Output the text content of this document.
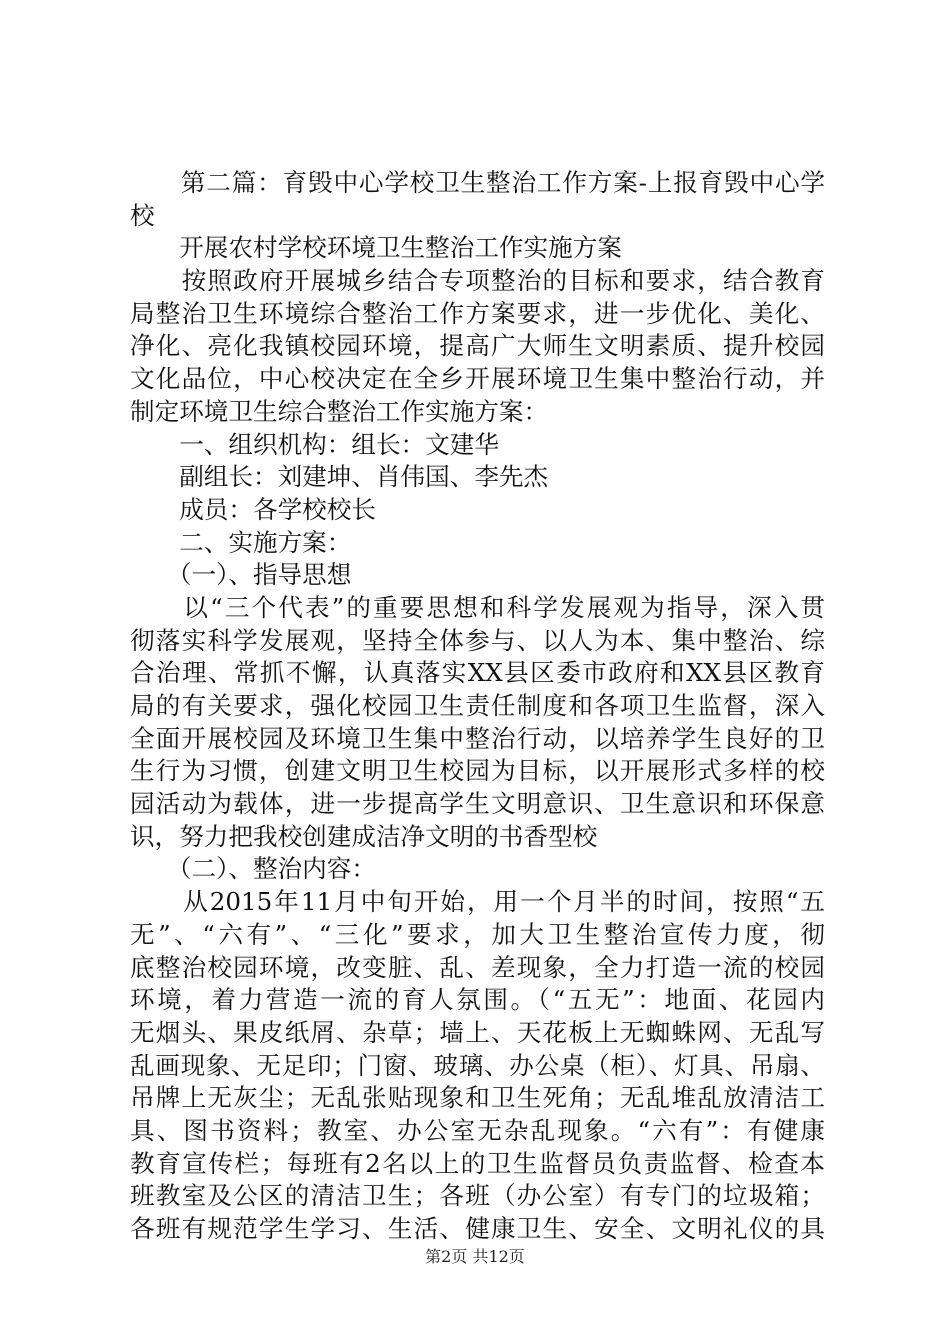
　　第二篇：育毁中心学校卫生整治工作方案-上报育毁中心学
校
　　开展农村学校环境卫生整治工作实施方案
　　按照政府开展城乡结合专项整治的目标和要求，结合教育
局整治卫生环境综合整治工作方案要求，进一步优化、美化、
净化、亮化我镇校园环境，提高广大师生文明素质、提升校园
文化品位，中心校决定在全乡开展环境卫生集中整治行动，并
制定环境卫生综合整治工作实施方案：
　　一、组织机构：组长：文建华
　　副组长：刘建坤、肖伟国、李先杰
　　成员：各学校校长
　　二、实施方案：
　　（一）、指导思想
　　以“三个代表”的重要思想和科学发展观为指导，深入贯
彻落实科学发展观，坚持全体参与、以人为本、集中整治、综
合治理、常抓不懈，认真落实XX县区委市政府和XX县区教育
局的有关要求，强化校园卫生责任制度和各项卫生监督，深入
全面开展校园及环境卫生集中整治行动，以培养学生良好的卫
生行为习惯，创建文明卫生校园为目标，以开展形式多样的校
园活动为载体，进一步提高学生文明意识、卫生意识和环保意
识，努力把我校创建成洁净文明的书香型校
　　（二）、整治内容：
　　从2015年11月中旬开始，用一个月半的时间，按照“五
无”、“六有”、“三化”要求，加大卫生整治宣传力度，彻
底整治校园环境，改变脏、乱、差现象，全力打造一流的校园
环境，着力营造一流的育人氛围。（“五无”：地面、花园内
无烟头、果皮纸屑、杂草；墙上、天花板上无蜘蛛网、无乱写
乱画现象、无足印；门窗、玻璃、办公桌（柜）、灯具、吊扇、
吊牌上无灰尘；无乱张贴现象和卫生死角；无乱堆乱放清洁工
具、图书资料；教室、办公室无杂乱现象。“六有”：有健康
教育宣传栏；每班有2名以上的卫生监督员负责监督、检查本
班教室及公区的清洁卫生；各班（办公室）有专门的垃圾箱；
各班有规范学生学习、生活、健康卫生、安全、文明礼仪的具
第2页 共12页
